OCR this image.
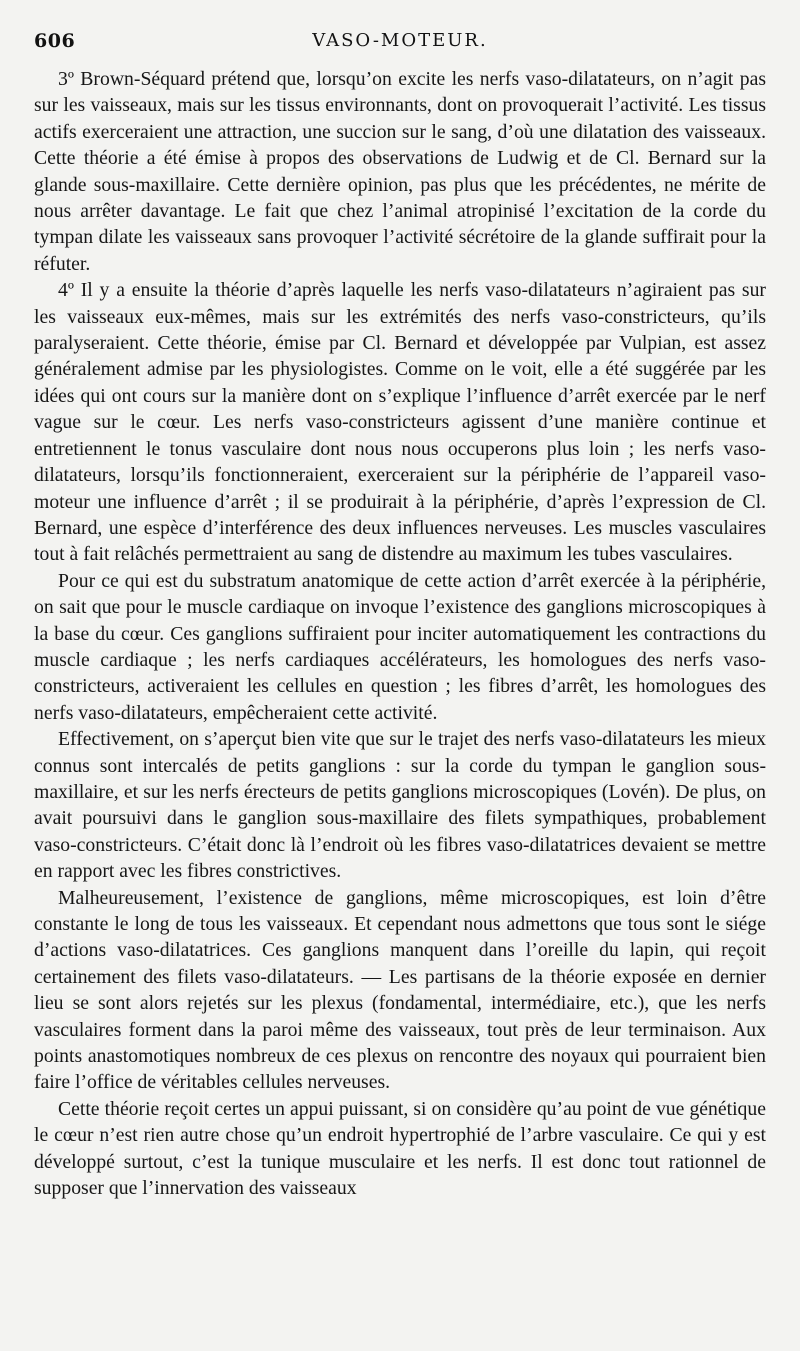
606	VASO-MOTEUR.

3º Brown-Séquard prétend que, lorsqu’on excite les nerfs vaso-dilatateurs, on n’agit pas sur les vaisseaux, mais sur les tissus environnants, dont on provoquerait l’activité. Les tissus actifs exerceraient une attraction, une succion sur le sang, d’où une dilatation des vaisseaux. Cette théorie a été émise à propos des observations de Ludwig et de Cl. Bernard sur la glande sous-maxillaire. Cette dernière opinion, pas plus que les précédentes, ne mérite de nous arrêter davantage. Le fait que chez l’animal atropinisé l’excitation de la corde du tympan dilate les vaisseaux sans provoquer l’activité sécrétoire de la glande suffirait pour la réfuter.

4º Il y a ensuite la théorie d’après laquelle les nerfs vaso-dilatateurs n’agiraient pas sur les vaisseaux eux-mêmes, mais sur les extrémités des nerfs vaso-constricteurs, qu’ils paralyseraient. Cette théorie, émise par Cl. Bernard et développée par Vulpian, est assez généralement admise par les physiologistes. Comme on le voit, elle a été suggérée par les idées qui ont cours sur la manière dont on s’explique l’influence d’arrêt exercée par le nerf vague sur le cœur. Les nerfs vaso-constricteurs agissent d’une manière continue et entretiennent le tonus vasculaire dont nous nous occuperons plus loin ; les nerfs vaso-dilatateurs, lorsqu’ils fonctionneraient, exerceraient sur la périphérie de l’appareil vaso-moteur une influence d’arrêt ; il se produirait à la périphérie, d’après l’expression de Cl. Bernard, une espèce d’interférence des deux influences nerveuses. Les muscles vasculaires tout à fait relâchés permettraient au sang de distendre au maximum les tubes vasculaires.

Pour ce qui est du substratum anatomique de cette action d’arrêt exercée à la périphérie, on sait que pour le muscle cardiaque on invoque l’existence des ganglions microscopiques à la base du cœur. Ces ganglions suffiraient pour inciter automatiquement les contractions du muscle cardiaque ; les nerfs cardiaques accélérateurs, les homologues des nerfs vaso-constricteurs, activeraient les cellules en question ; les fibres d’arrêt, les homologues des nerfs vaso-dilatateurs, empêcheraient cette activité.

Effectivement, on s’aperçut bien vite que sur le trajet des nerfs vaso-dilatateurs les mieux connus sont intercalés de petits ganglions : sur la corde du tympan le ganglion sous-maxillaire, et sur les nerfs érecteurs de petits ganglions microscopiques (Lovén). De plus, on avait poursuivi dans le ganglion sous-maxillaire des filets sympathiques, probablement vaso-constricteurs. C’était donc là l’endroit où les fibres vaso-dilatatrices devaient se mettre en rapport avec les fibres constrictives.

Malheureusement, l’existence de ganglions, même microscopiques, est loin d’être constante le long de tous les vaisseaux. Et cependant nous admettons que tous sont le siége d’actions vaso-dilatatrices. Ces ganglions manquent dans l’oreille du lapin, qui reçoit certainement des filets vaso-dilatateurs. — Les partisans de la théorie exposée en dernier lieu se sont alors rejetés sur les plexus (fondamental, intermédiaire, etc.), que les nerfs vasculaires forment dans la paroi même des vaisseaux, tout près de leur terminaison. Aux points anastomotiques nombreux de ces plexus on rencontre des noyaux qui pourraient bien faire l’office de véritables cellules nerveuses.

Cette théorie reçoit certes un appui puissant, si on considère qu’au point de vue génétique le cœur n’est rien autre chose qu’un endroit hypertrophié de l’arbre vasculaire. Ce qui y est développé surtout, c’est la tunique musculaire et les nerfs. Il est donc tout rationnel de supposer que l’innervation des vaisseaux
